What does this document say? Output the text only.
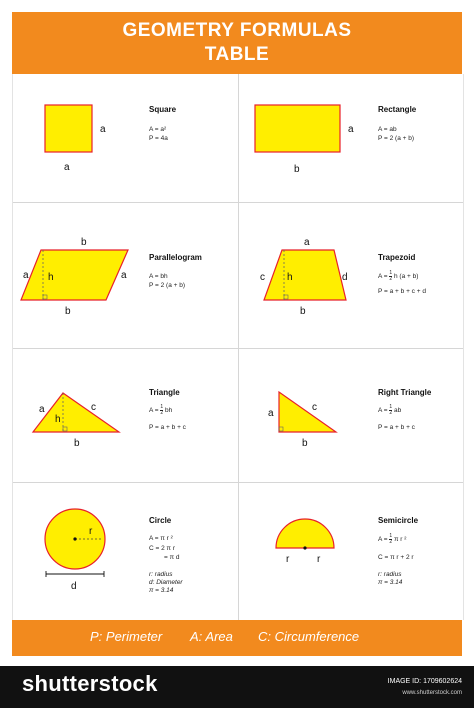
GEOMETRY FORMULAS
TABLE
a
a
Square
A = a²
P = 4a
a
b
Rectangle
A = ab
P = 2 (a + b)
b
a h	a
b
Parallelogram
A = bh
P = 2 (a + b)
a
c h	d
b
Trapezoid
$A = \frac{1}{2}$ h (a + b)
P = a + b + c + d
a
h
c
b
Triangle
$A = \frac{1}{2}$ bh
P = a + b + c
a
c
b
Right Triangle
$A = \frac{1}{2}$ ab
P = a + b + c
r
d
Circle
A = π r ²
C = 2 π r
= π d
r: radius
d: Diameter
π = 3.14
r	r
Semicircle
$A = \frac{1}{2}$ π r ²
C = π r + 2 r
r: radius
π = 3.14
P: Perimeter A: Area C: Circumference
shutterstock	IMAGE ID: 1709602624
www.shutterstock.com
